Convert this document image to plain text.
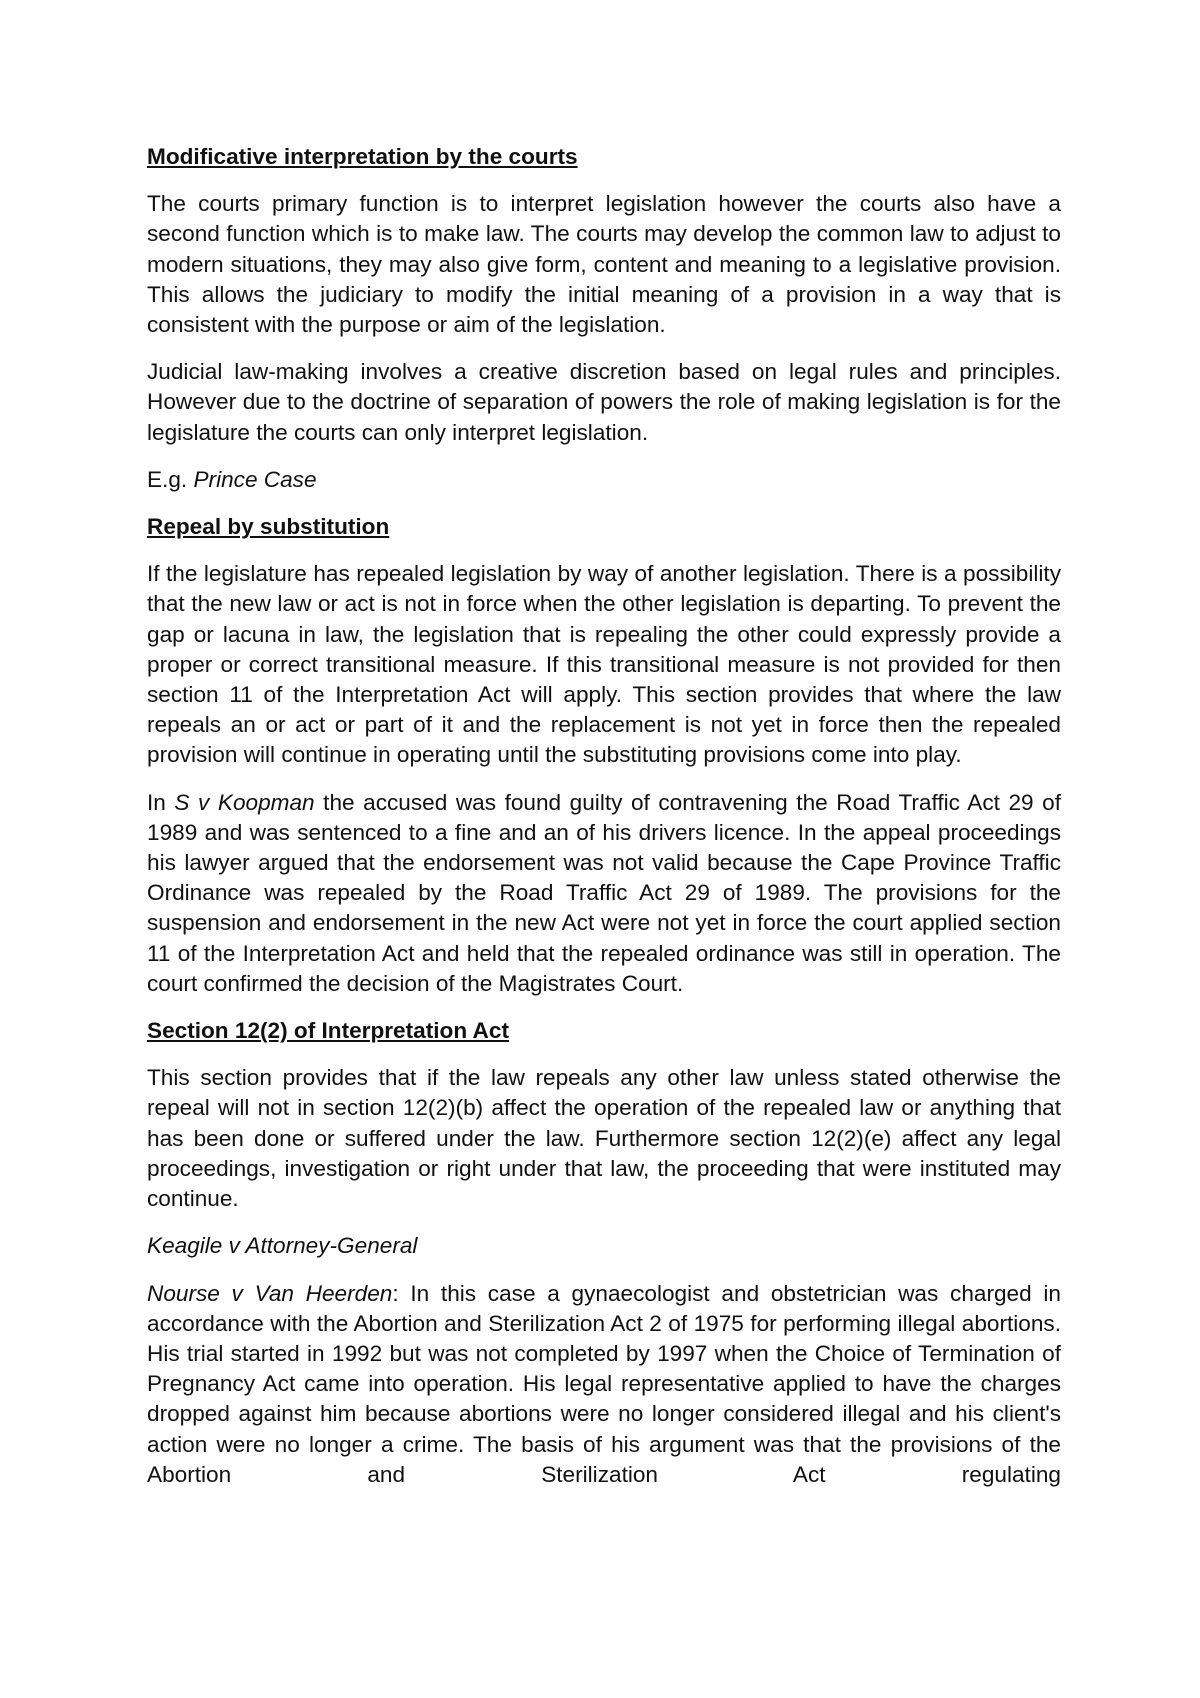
Modificative interpretation by the courts

The courts primary function is to interpret legislation however the courts also have a second function which is to make law. The courts may develop the common law to adjust to modern situations, they may also give form, content and meaning to a legislative provision. This allows the judiciary to modify the initial meaning of a provision in a way that is consistent with the purpose or aim of the legislation.

Judicial law-making involves a creative discretion based on legal rules and principles. However due to the doctrine of separation of powers the role of making legislation is for the legislature the courts can only interpret legislation.

E.g. Prince Case

Repeal by substitution

If the legislature has repealed legislation by way of another legislation. There is a possibility that the new law or act is not in force when the other legislation is departing. To prevent the gap or lacuna in law, the legislation that is repealing the other could expressly provide a proper or correct transitional measure. If this transitional measure is not provided for then section 11 of the Interpretation Act will apply. This section provides that where the law repeals an or act or part of it and the replacement is not yet in force then the repealed provision will continue in operating until the substituting provisions come into play.

In S v Koopman the accused was found guilty of contravening the Road Traffic Act 29 of 1989 and was sentenced to a fine and an of his drivers licence. In the appeal proceedings his lawyer argued that the endorsement was not valid because the Cape Province Traffic Ordinance was repealed by the Road Traffic Act 29 of 1989. The provisions for the suspension and endorsement in the new Act were not yet in force the court applied section 11 of the Interpretation Act and held that the repealed ordinance was still in operation. The court confirmed the decision of the Magistrates Court.

Section 12(2) of Interpretation Act

This section provides that if the law repeals any other law unless stated otherwise the repeal will not in section 12(2)(b) affect the operation of the repealed law or anything that has been done or suffered under the law. Furthermore section 12(2)(e) affect any legal proceedings, investigation or right under that law, the proceeding that were instituted may continue.

Keagile v Attorney-General

Nourse v Van Heerden: In this case a gynaecologist and obstetrician was charged in accordance with the Abortion and Sterilization Act 2 of 1975 for performing illegal abortions. His trial started in 1992 but was not completed by 1997 when the Choice of Termination of Pregnancy Act came into operation. His legal representative applied to have the charges dropped against him because abortions were no longer considered illegal and his client's action were no longer a crime. The basis of his argument was that the provisions of the Abortion and Sterilization Act regulating
